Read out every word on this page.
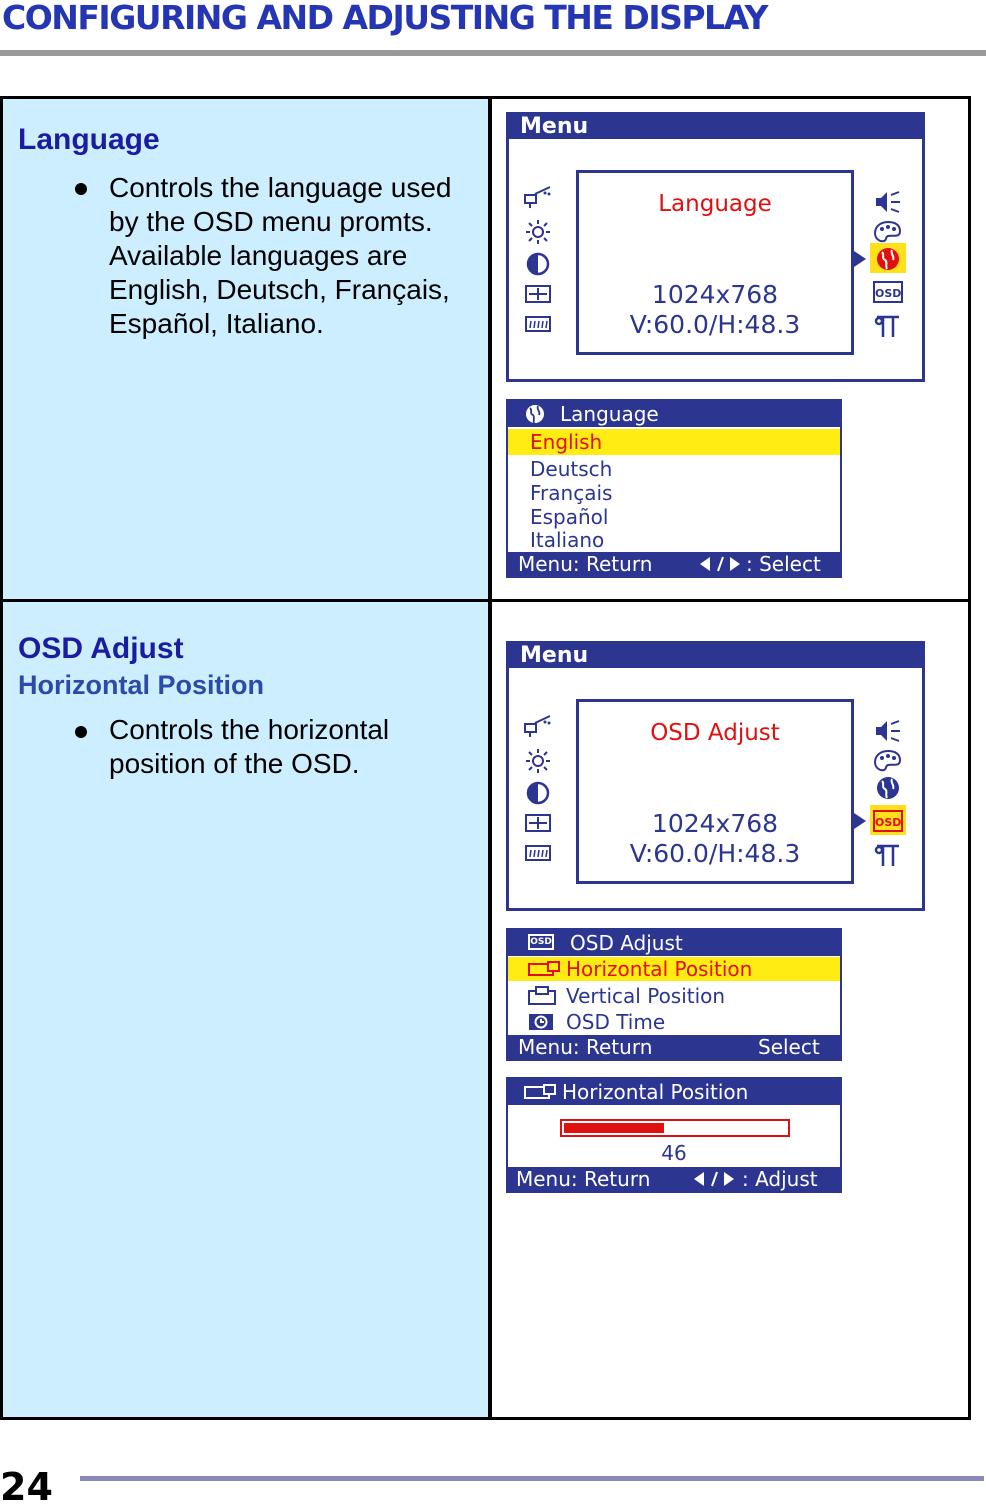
CONFIGURING AND ADJUSTING THE DISPLAY
Language
Controls the language used
by the OSD menu promts.
Available languages are
English, Deutsch, Français,
Español, Italiano.
OSD Adjust
Horizontal Position
Controls the horizontal
position of the OSD.
Menu
Language
1024x768
V:60.0/H:48.3
OSD
Language
English
Deutsch
Français
Español
Italiano
Menu: Return	: Select
Menu
OSD Adjust
1024x768
V:60.0/H:48.3
OSD
OSD OSD Adjust
Horizontal Position
Vertical Position
OSD Time
Menu: Return	Select
Horizontal Position
46
Menu: Return	: Adjust
24
